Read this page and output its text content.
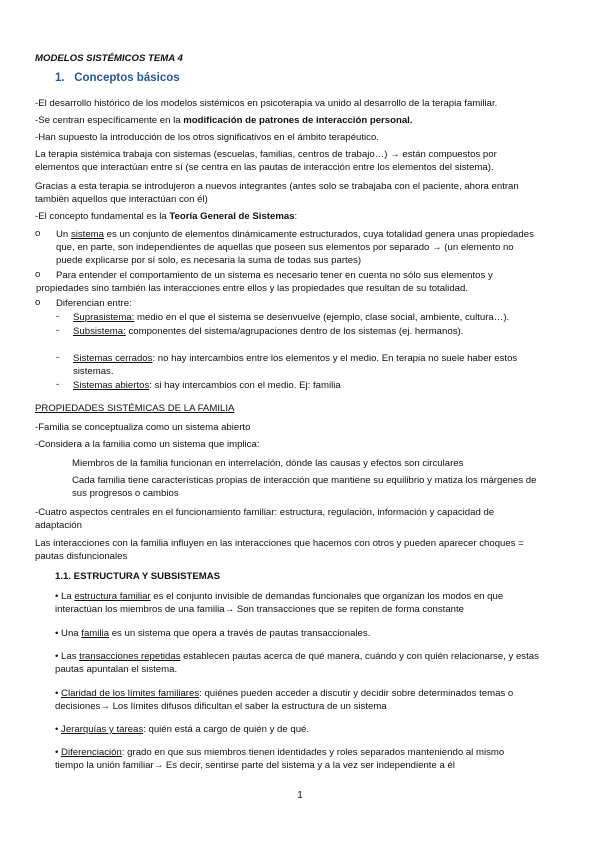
MODELOS SISTÉMICOS TEMA 4
1. Conceptos básicos
-El desarrollo histórico de los modelos sistémicos en psicoterapia va unido al desarrollo de la terapia familiar.
-Se centran específicamente en la modificación de patrones de interacción personal.
-Han supuesto la introducción de los otros significativos en el ámbito terapéutico.
La terapia sistémica trabaja con sistemas (escuelas, familias, centros de trabajo…) → están compuestos por
elementos que interactúan entre sí (se centra en las pautas de interacción entre los elementos del sistema).
Gracias a esta terapia se introdujeron a nuevos integrantes (antes solo se trabajaba con el paciente, ahora entran
también aquellos que interactúan con él)
-El concepto fundamental es la Teoría General de Sistemas:
o Un sistema es un conjunto de elementos dinámicamente estructurados, cuya totalidad genera unas propiedades
que, en parte, son independientes de aquellas que poseen sus elementos por separado → (un elemento no
puede explicarse por sí solo, es necesaria la suma de todas sus partes)
o Para entender el comportamiento de un sistema es necesario tener en cuenta no sólo sus elementos y
propiedades sino también las interacciones entre ellos y las propiedades que resultan de su totalidad.
o Diferencian entre:
- Suprasistema: medio en el que el sistema se desenvuelve (ejemplo, clase social, ambiente, cultura…).
- Subsistema: componentes del sistema/agrupaciones dentro de los sistemas (ej. hermanos).
- Sistemas cerrados: no hay intercambios entre los elementos y el medio. En terapia no suele haber estos
sistemas.
- Sistemas abiertos: si hay intercambios con el medio. Ej: familia
PROPIEDADES SISTÉMICAS DE LA FAMILIA
-Familia se conceptualiza como un sistema abierto
-Considera a la familia como un sistema que implica:
Miembros de la familia funcionan en interrelación, dónde las causas y efectos son circulares
Cada familia tiene características propias de interacción que mantiene su equilibrio y matiza los márgenes de
sus progresos o cambios
-Cuatro aspectos centrales en el funcionamiento familiar: estructura, regulación, información y capacidad de
adaptación
Las interacciones con la familia influyen en las interacciones que hacemos con otros y pueden aparecer choques =
pautas disfuncionales
1.1. ESTRUCTURA Y SUBSISTEMAS
• La estructura familiar es el conjunto invisible de demandas funcionales que organizan los modos en que
interactúan los miembros de una familia→ Son transacciones que se repiten de forma constante
• Una familia es un sistema que opera a través de pautas transaccionales.
• Las transacciones repetidas establecen pautas acerca de qué manera, cuándo y con quién relacionarse, y estas
pautas apuntalan el sistema.
• Claridad de los límites familiares: quiénes pueden acceder a discutir y decidir sobre determinados temas o
decisiones→ Los límites difusos dificultan el saber la estructura de un sistema
• Jerarquías y tareas: quién está a cargo de quién y de qué.
• Diferenciación: grado en que sus miembros tienen identidades y roles separados manteniendo al mismo
tiempo la unión familiar→ Es decir, sentirse parte del sistema y a la vez ser independiente a él
1
